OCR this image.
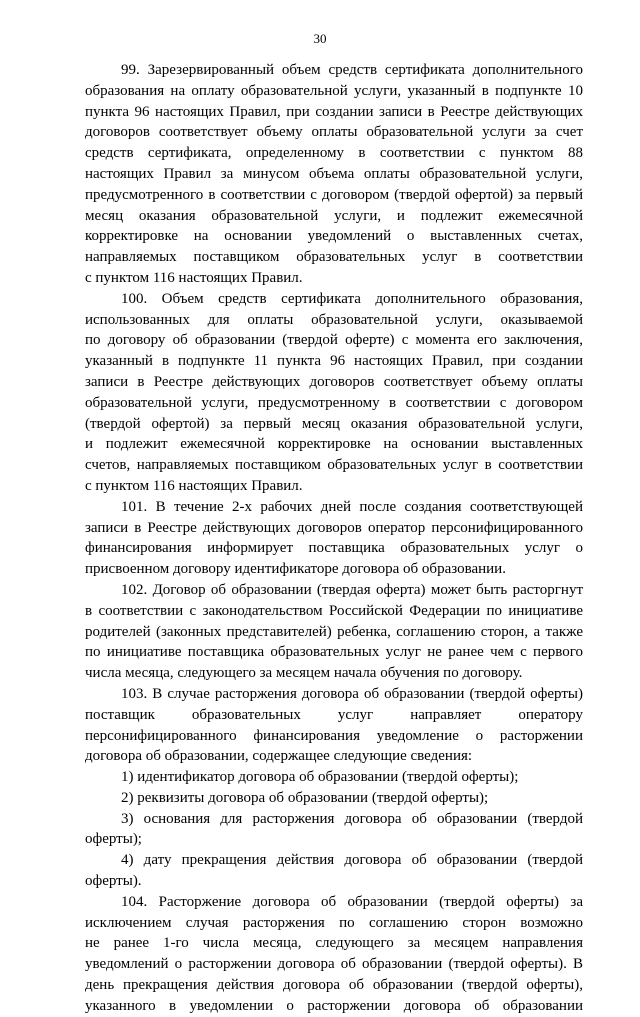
30
99. Зарезервированный объем средств сертификата дополнительного
образования на оплату образовательной услуги, указанный в подпункте 10
пункта 96 настоящих Правил, при создании записи в Реестре действующих
договоров соответствует объему оплаты образовательной услуги за счет
средств сертификата, определенному в соответствии с пунктом 88
настоящих Правил за минусом объема оплаты образовательной услуги,
предусмотренного в соответствии с договором (твердой офертой) за первый
месяц оказания образовательной услуги, и подлежит ежемесячной
корректировке на основании уведомлений о выставленных счетах,
направляемых поставщиком образовательных услуг в соответствии
с пунктом 116 настоящих Правил.
100. Объем средств сертификата дополнительного образования,
использованных для оплаты образовательной услуги, оказываемой
по договору об образовании (твердой оферте) с момента его заключения,
указанный в подпункте 11 пункта 96 настоящих Правил, при создании
записи в Реестре действующих договоров соответствует объему оплаты
образовательной услуги, предусмотренному в соответствии с договором
(твердой офертой) за первый месяц оказания образовательной услуги,
и подлежит ежемесячной корректировке на основании выставленных
счетов, направляемых поставщиком образовательных услуг в соответствии
с пунктом 116 настоящих Правил.
101. В течение 2-х рабочих дней после создания соответствующей
записи в Реестре действующих договоров оператор персонифицированного
финансирования информирует поставщика образовательных услуг о
присвоенном договору идентификаторе договора об образовании.
102. Договор об образовании (твердая оферта) может быть расторгнут
в соответствии с законодательством Российской Федерации по инициативе
родителей (законных представителей) ребенка, соглашению сторон, а также
по инициативе поставщика образовательных услуг не ранее чем с первого
числа месяца, следующего за месяцем начала обучения по договору.
103. В случае расторжения договора об образовании (твердой оферты)
поставщик образовательных услуг направляет оператору
персонифицированного финансирования уведомление о расторжении
договора об образовании, содержащее следующие сведения:
1) идентификатор договора об образовании (твердой оферты);
2) реквизиты договора об образовании (твердой оферты);
3) основания для расторжения договора об образовании (твердой
оферты);
4) дату прекращения действия договора об образовании (твердой
оферты).
104. Расторжение договора об образовании (твердой оферты) за
исключением случая расторжения по соглашению сторон возможно
не ранее 1-го числа месяца, следующего за месяцем направления
уведомлений о расторжении договора об образовании (твердой оферты). В
день прекращения действия договора об образовании (твердой оферты),
указанного в уведомлении о расторжении договора об образовании
